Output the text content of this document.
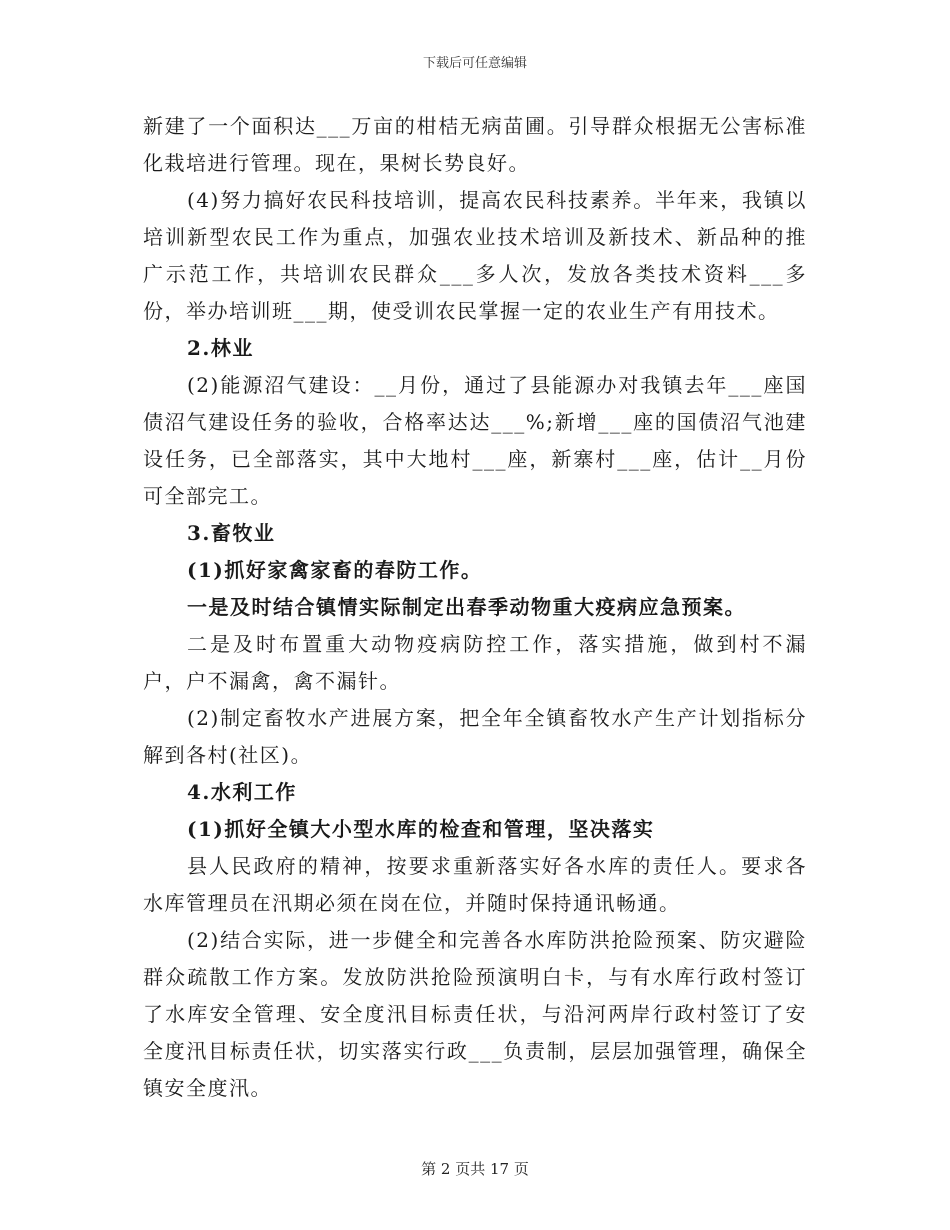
下载后可任意编辑

新建了一个面积达___万亩的柑桔无病苗圃。引导群众根据无公害标准化栽培进行管理。现在，果树长势良好。

(4)努力搞好农民科技培训，提高农民科技素养。半年来，我镇以培训新型农民工作为重点，加强农业技术培训及新技术、新品种的推广示范工作，共培训农民群众___多人次，发放各类技术资料___多份，举办培训班___期，使受训农民掌握一定的农业生产有用技术。

2.林业

(2)能源沼气建设：__月份，通过了县能源办对我镇去年___座国债沼气建设任务的验收，合格率达达___%;新增___座的国债沼气池建设任务，已全部落实，其中大地村___座，新寨村___座，估计__月份可全部完工。

3.畜牧业

(1)抓好家禽家畜的春防工作。

一是及时结合镇情实际制定出春季动物重大疫病应急预案。

二是及时布置重大动物疫病防控工作，落实措施，做到村不漏户，户不漏禽，禽不漏针。

(2)制定畜牧水产进展方案，把全年全镇畜牧水产生产计划指标分解到各村(社区)。

4.水利工作

(1)抓好全镇大小型水库的检查和管理，坚决落实

县人民政府的精神，按要求重新落实好各水库的责任人。要求各水库管理员在汛期必须在岗在位，并随时保持通讯畅通。

(2)结合实际，进一步健全和完善各水库防洪抢险预案、防灾避险群众疏散工作方案。发放防洪抢险预演明白卡，与有水库行政村签订了水库安全管理、安全度汛目标责任状，与沿河两岸行政村签订了安全度汛目标责任状，切实落实行政___负责制，层层加强管理，确保全镇安全度汛。

第 2 页共 17 页
